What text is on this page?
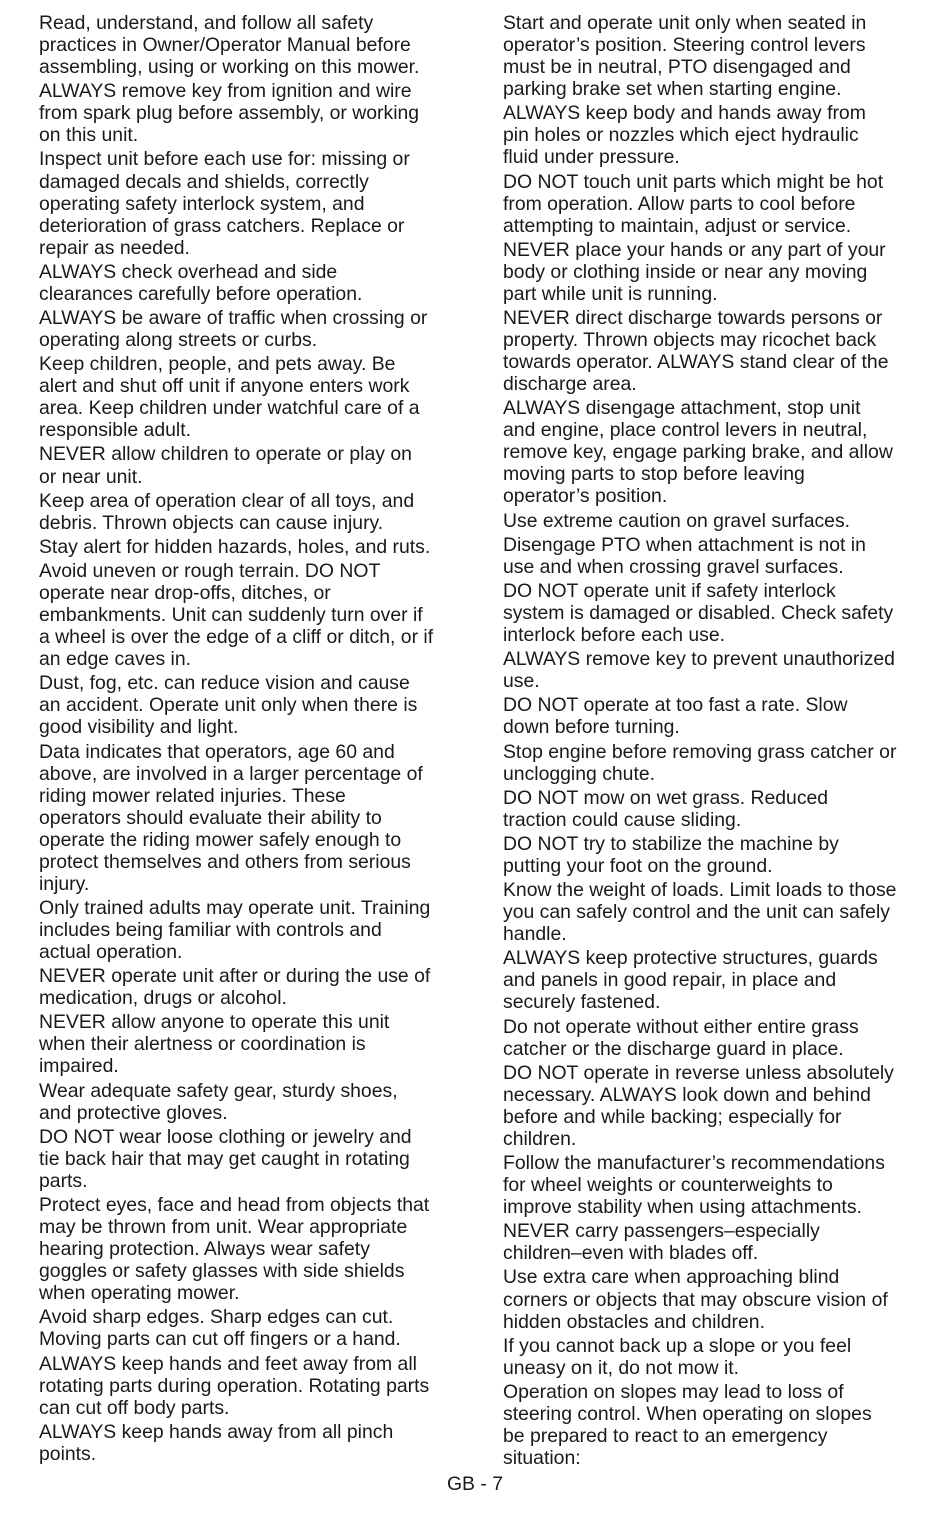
Read, understand, and follow all safety
practices in Owner/Operator Manual before
assembling, using or working on this mower.

ALWAYS remove key from ignition and wire
from spark plug before assembly, or working
on this unit.

Inspect unit before each use for: missing or
damaged decals and shields, correctly
operating safety interlock system, and
deterioration of grass catchers. Replace or
repair as needed.

ALWAYS check overhead and side
clearances carefully before operation.

ALWAYS be aware of traffic when crossing or
operating along streets or curbs.

Keep children, people, and pets away. Be
alert and shut off unit if anyone enters work
area. Keep children under watchful care of a
responsible adult.

NEVER allow children to operate or play on
or near unit.

Keep area of operation clear of all toys, and
debris. Thrown objects can cause injury.

Stay alert for hidden hazards, holes, and ruts.

Avoid uneven or rough terrain. DO NOT
operate near drop-offs, ditches, or
embankments. Unit can suddenly turn over if
a wheel is over the edge of a cliff or ditch, or if
an edge caves in.

Dust, fog, etc. can reduce vision and cause
an accident. Operate unit only when there is
good visibility and light.

Data indicates that operators, age 60 and
above, are involved in a larger percentage of
riding mower related injuries. These
operators should evaluate their ability to
operate the riding mower safely enough to
protect themselves and others from serious
injury.

Only trained adults may operate unit. Training
includes being familiar with controls and
actual operation.

NEVER operate unit after or during the use of
medication, drugs or alcohol.

NEVER allow anyone to operate this unit
when their alertness or coordination is
impaired.

Wear adequate safety gear, sturdy shoes,
and protective gloves.

DO NOT wear loose clothing or jewelry and
tie back hair that may get caught in rotating
parts.

Protect eyes, face and head from objects that
may be thrown from unit. Wear appropriate
hearing protection. Always wear safety
goggles or safety glasses with side shields
when operating mower.

Avoid sharp edges. Sharp edges can cut.
Moving parts can cut off fingers or a hand.

ALWAYS keep hands and feet away from all
rotating parts during operation. Rotating parts
can cut off body parts.

ALWAYS keep hands away from all pinch
points.

Start and operate unit only when seated in
operator’s position. Steering control levers
must be in neutral, PTO disengaged and
parking brake set when starting engine.

ALWAYS keep body and hands away from
pin holes or nozzles which eject hydraulic
fluid under pressure.

DO NOT touch unit parts which might be hot
from operation. Allow parts to cool before
attempting to maintain, adjust or service.

NEVER place your hands or any part of your
body or clothing inside or near any moving
part while unit is running.

NEVER direct discharge towards persons or
property. Thrown objects may ricochet back
towards operator. ALWAYS stand clear of the
discharge area.

ALWAYS disengage attachment, stop unit
and engine, place control levers in neutral,
remove key, engage parking brake, and allow
moving parts to stop before leaving
operator’s position.

Use extreme caution on gravel surfaces.

Disengage PTO when attachment is not in
use and when crossing gravel surfaces.

DO NOT operate unit if safety interlock
system is damaged or disabled. Check safety
interlock before each use.

ALWAYS remove key to prevent unauthorized
use.

DO NOT operate at too fast a rate. Slow
down before turning.

Stop engine before removing grass catcher or
unclogging chute.

DO NOT mow on wet grass. Reduced
traction could cause sliding.

DO NOT try to stabilize the machine by
putting your foot on the ground.

Know the weight of loads. Limit loads to those
you can safely control and the unit can safely
handle.

ALWAYS keep protective structures, guards
and panels in good repair, in place and
securely fastened.

Do not operate without either entire grass
catcher or the discharge guard in place.

DO NOT operate in reverse unless absolutely
necessary. ALWAYS look down and behind
before and while backing; especially for
children.

Follow the manufacturer’s recommendations
for wheel weights or counterweights to
improve stability when using attachments.

NEVER carry passengers–especially
children–even with blades off.

Use extra care when approaching blind
corners or objects that may obscure vision of
hidden obstacles and children.

If you cannot back up a slope or you feel
uneasy on it, do not mow it.

Operation on slopes may lead to loss of
steering control. When operating on slopes
be prepared to react to an emergency
situation:

GB - 7
